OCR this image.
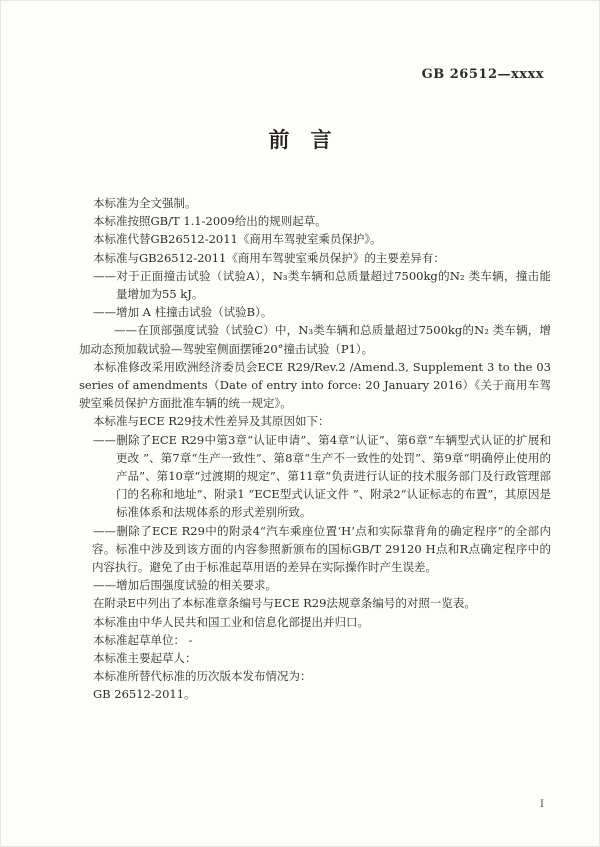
GB 26512—xxxx
前　言

本标准为全文强制。

本标准按照GB/T 1.1-2009给出的规则起草。

本标准代替GB26512-2011《商用车驾驶室乘员保护》。

本标准与GB26512-2011《商用车驾驶室乘员保护》的主要差异有：

——对于正面撞击试验（试验A），N₃类车辆和总质量超过7500kg的N₂ 类车辆，撞击能量增加为55 kJ。

——增加 A 柱撞击试验（试验B）。

——在顶部强度试验（试验C）中，N₃类车辆和总质量超过7500kg的N₂ 类车辆，增加动态预加载试验—驾驶室侧面摆锤20°撞击试验（P1）。

本标准修改采用欧洲经济委员会ECE R29/Rev.2 /Amend.3, Supplement 3 to the 03 series of amendments（Date of entry into force: 20 January 2016）《关于商用车驾驶室乘员保护方面批准车辆的统一规定》。

本标准与ECE R29技术性差异及其原因如下：

——删除了ECE R29中第3章“认证申请”、第4章“认证”、第6章“车辆型式认证的扩展和更改 ”、第7章“生产一致性”、第8章“生产不一致性的处罚”、第9章“明确停止使用的产品”、第10章“过渡期的规定”、第11章“负责进行认证的技术服务部门及行政管理部门的名称和地址”、附录1 “ECE型式认证文件 ”、附录2“认证标志的布置”，其原因是标准体系和法规体系的形式差别所致。

——删除了ECE R29中的附录4“汽车乘座位置‘H’点和实际靠背角的确定程序”的全部内容。标准中涉及到该方面的内容参照新颁布的国标GB/T 29120 H点和R点确定程序中的内容执行。避免了由于标准起草用语的差异在实际操作时产生误差。

——增加后围强度试验的相关要求。

在附录E中列出了本标准章条编号与ECE R29法规章条编号的对照一览表。

本标准由中华人民共和国工业和信息化部提出并归口。

本标准起草单位： -

本标准主要起草人：

本标准所替代标准的历次版本发布情况为：

GB 26512-2011。

I
